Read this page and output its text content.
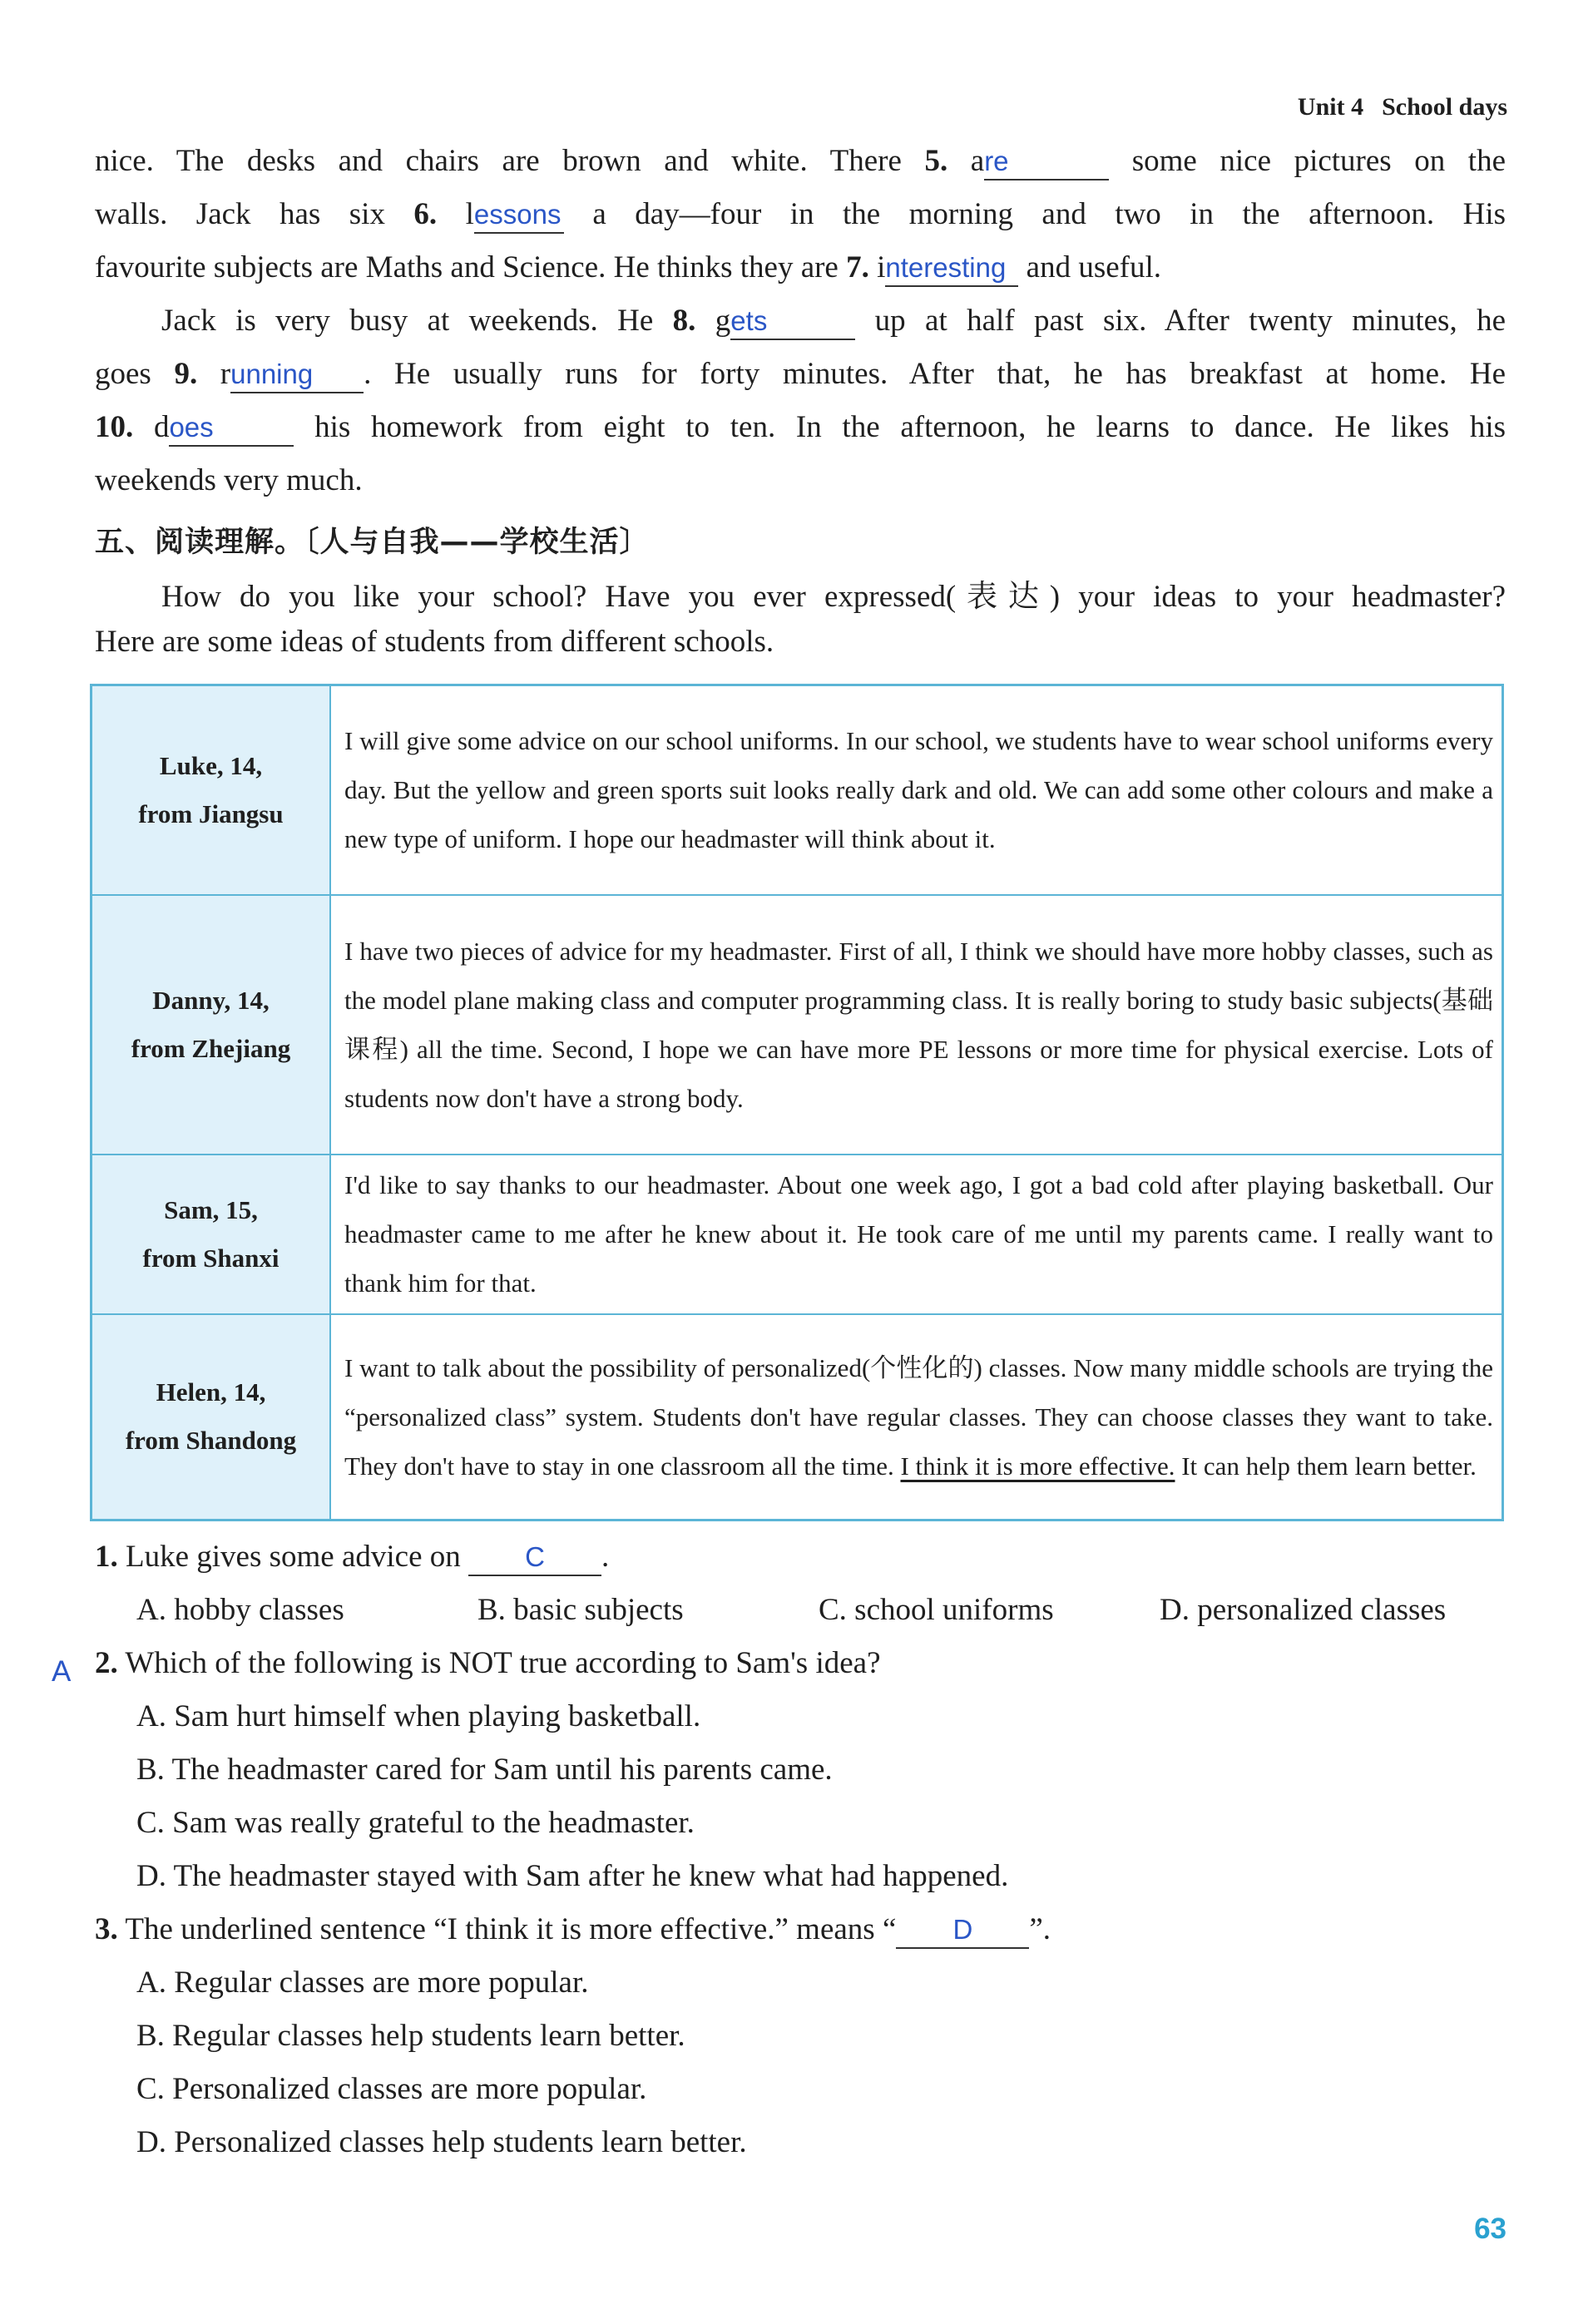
Unit 4 School days
nice. The desks and chairs are brown and white. There 5. are	some nice pictures on the
walls. Jack has six 6. lessons a day—four in the morning and two in the afternoon. His
favourite subjects are Maths and Science. He thinks they are 7. interesting and useful.
Jack is very busy at weekends. He 8. gets	up at half past six. After twenty minutes, he
goes 9. running . He usually runs for forty minutes. After that, he has breakfast at home. He
10. does	his homework from eight to ten. In the afternoon, he learns to dance. He likes his
weekends very much.
五、阅读理解。〔人与自我——学校生活〕
How do you like your school? Have you ever expressed(表达) your ideas to your headmaster?
Here are some ideas of students from different schools.
Luke, 14,
from Jiangsu	I will give some advice on our school uniforms. In our school, we students have to wear school uniforms every day. But the yellow and green sports suit looks really dark and old. We can add some other colours and make a new type of uniform. I hope our headmaster will think about it.

Danny, 14,
from Zhejiang	I have two pieces of advice for my headmaster. First of all, I think we should have more hobby classes, such as the model plane making class and computer programming class. It is really boring to study basic subjects(基础课程) all the time. Second, I hope we can have more PE lessons or more time for physical exercise. Lots of students now don't have a strong body.

Sam, 15,
from Shanxi	I'd like to say thanks to our headmaster. About one week ago, I got a bad cold after playing basketball. Our headmaster came to me after he knew about it. He took care of me until my parents came. I really want to thank him for that.

Helen, 14,
from Shandong	I want to talk about the possibility of personalized(个性化的) classes. Now many middle schools are trying the “personalized class” system. Students don't have regular classes. They can choose classes they want to take. They don't have to stay in one classroom all the time. I think it is more effective. It can help them learn better.
1. Luke gives some advice on C .
A. hobby classes	B. basic subjects	C. school uniforms	D. personalized classes
A 2. Which of the following is NOT true according to Sam's idea?
A. Sam hurt himself when playing basketball.
B. The headmaster cared for Sam until his parents came.
C. Sam was really grateful to the headmaster.
D. The headmaster stayed with Sam after he knew what had happened.
3. The underlined sentence “I think it is more effective.” means “ D ”.
A. Regular classes are more popular.
B. Regular classes help students learn better.
C. Personalized classes are more popular.
D. Personalized classes help students learn better.
63
